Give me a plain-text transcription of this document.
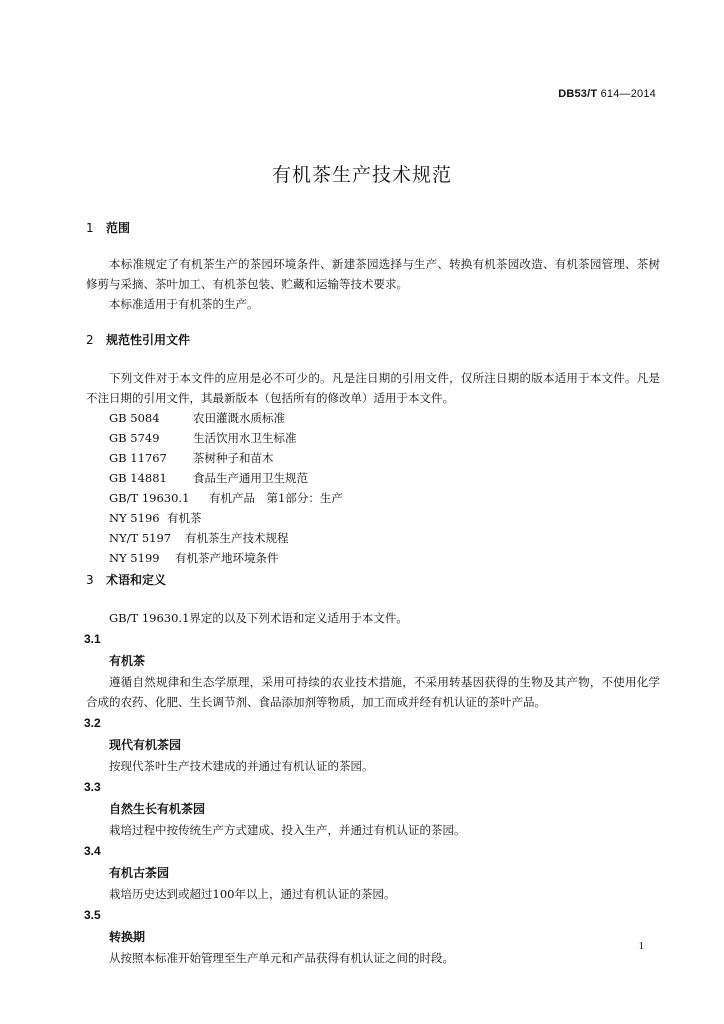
DB53/T 614—2014
有机茶生产技术规范
1 范围
本标准规定了有机茶生产的茶园环境条件、新建茶园选择与生产、转换有机茶园改造、有机茶园管理、茶树修剪与采摘、茶叶加工、有机茶包装、贮藏和运输等技术要求。
本标准适用于有机茶的生产。
2 规范性引用文件
下列文件对于本文件的应用是必不可少的。凡是注日期的引用文件，仅所注日期的版本适用于本文件。凡是不注日期的引用文件，其最新版本（包括所有的修改单）适用于本文件。
GB 5084	农田灌溉水质标准
GB 5749	生活饮用水卫生标准
GB 11767 茶树种子和苗木
GB 14881 食品生产通用卫生规范
GB/T 19630.1 有机产品　第1部分：生产
NY 5196 有机茶
NY/T 5197 有机茶生产技术规程
NY 5199 有机茶产地环境条件
3 术语和定义
GB/T 19630.1界定的以及下列术语和定义适用于本文件。
3.1
有机茶
遵循自然规律和生态学原理，采用可持续的农业技术措施，不采用转基因获得的生物及其产物，不使用化学合成的农药、化肥、生长调节剂、食品添加剂等物质，加工而成并经有机认证的茶叶产品。
3.2
现代有机茶园
按现代茶叶生产技术建成的并通过有机认证的茶园。
3.3
自然生长有机茶园
栽培过程中按传统生产方式建成、投入生产，并通过有机认证的茶园。
3.4
有机古茶园
栽培历史达到或超过100年以上，通过有机认证的茶园。
3.5
转换期
从按照本标准开始管理至生产单元和产品获得有机认证之间的时段。
1
